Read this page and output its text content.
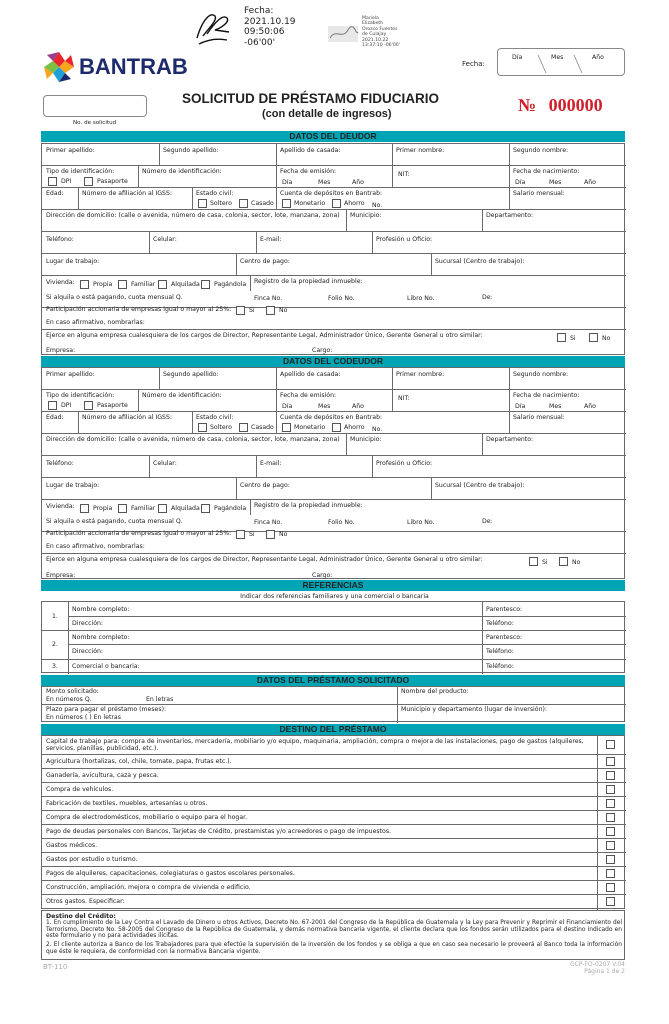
Fecha:
2021.10.19
09:50:06
-06'00'
Mariela
Elizabeth
Orozco Fuentes
de Culajay
2021.10.22
13:37:10 -06'00'
BANTRAB	Fecha:
Día	Mes	Año
No. de solicitud
SOLICITUD DE PRÉSTAMO FIDUCIARIO
(con detalle de ingresos)	№ 000000
DATOS DEL DEUDOR
Primer apellido:	Segundo apellido:	Apellido de casada:	Primer nombre:	Segundo nombre:
Tipo de identificación:
DPI	Pasaporte
Número de identificación:	Fecha de emisión:
Día	Mes	Año
NIT:	Fecha de nacimiento:
Día	Mes	Año
Edad:	Número de afiliación al IGSS:	Estado civil:
Soltero	Casado
Cuenta de depósitos en Bantrab:
Monetario	Ahorro No.
Salario mensual:
Dirección de domicilio: (calle o avenida, número de casa, colonia, sector, lote, manzana, zona) Municipio:	Departamento:
Teléfono:	Celular:	E-mail:	Profesión u Oficio:
Lugar de trabajo:	Centro de pago:	Sucursal (Centro de trabajo):
Vivienda:	Propia	Familiar	Alquilada Pagándola Registro de la propiedad inmueble:
Si alquila o está pagando, cuota mensual Q.	Finca No.	Folio No.	Libro No.	De:
Participación accionaria de empresas igual o mayor al 25%:	Si	No
En caso afirmativo, nombrarlas:
Ejerce en alguna empresa cualesquiera de los cargos de Director, Representante Legal, Administrador Único, Gerente General u otro similar:	Si	No
Empresa:	Cargo:
DATOS DEL CODEUDOR
Primer apellido:	Segundo apellido:	Apellido de casada:	Primer nombre:	Segundo nombre:
Tipo de identificación:
DPI	Pasaporte
Número de identificación:	Fecha de emisión:
Día	Mes	Año
NIT:	Fecha de nacimiento:
Día	Mes	Año
Edad:	Número de afiliación al IGSS:	Estado civil:
Soltero	Casado
Cuenta de depósitos en Bantrab:
Monetario	Ahorro No.
Salario mensual:
Dirección de domicilio: (calle o avenida, número de casa, colonia, sector, lote, manzana, zona) Municipio:	Departamento:
Teléfono:	Celular:	E-mail:	Profesión u Oficio:
Lugar de trabajo:	Centro de pago:	Sucursal (Centro de trabajo):
Vivienda:	Propia	Familiar	Alquilada Pagándola Registro de la propiedad inmueble:
Si alquila o está pagando, cuota mensual Q.	Finca No.	Folio No.	Libro No.	De:
Participación accionaria de empresas igual o mayor al 25%:	Si	No
En caso afirmativo, nombrarlas:
Ejerce en alguna empresa cualesquiera de los cargos de Director, Representante Legal, Administrador Único, Gerente General u otro similar:	Si	No
Empresa:	Cargo:
REFERENCIAS
Indicar dos referencias familiares y una comercial o bancaria
1.
Nombre completo:	Parentesco:
Dirección:	Teléfono:
2.
Nombre completo:	Parentesco:
Dirección:	Teléfono:
3. Comercial o bancaria:	Teléfono:
DATOS DEL PRÉSTAMO SOLICITADO
Monto solicitado:
En números Q.	En letras
Nombre del producto:
Plazo para pagar el préstamo (meses):
En números ( ) En letras
Municipio y departamento (lugar de inversión):
DESTINO DEL PRÉSTAMO
Capital de trabajo para: compra de inventarios, mercadería, mobiliario y/o equipo, maquinaria, ampliación, compra o mejora de las instalaciones, pago de gastos (alquileres, servicios, planillas, publicidad, etc.).
Agricultura (hortalizas, col, chile, tomate, papa, frutas etc.).
Ganadería, avicultura, caza y pesca.
Compra de vehículos.
Fabricación de textiles, muebles, artesanías u otros.
Compra de electrodomésticos, mobiliario o equipo para el hogar.
Pago de deudas personales con Bancos, Tarjetas de Crédito, prestamistas y/o acreedores o pago de impuestos.
Gastos médicos.
Gastos por estudio o turismo.
Pagos de alquileres, capacitaciones, colegiaturas o gastos escolares personales.
Construcción, ampliación, mejora o compra de vivienda o edificio.
Otros gastos. Especificar:
Destino del Crédito:
1. En cumplimiento de la Ley Contra el Lavado de Dinero u otros Activos, Decreto No. 67-2001 del Congreso de la República de Guatemala y la Ley para Prevenir y Reprimir el Financiamiento del Terrorismo, Decreto No. 58-2005 del Congreso de la República de Guatemala, y demás normativa bancaria vigente, el cliente declara que los fondos serán utilizados para el destino indicado en este formulario y no para actividades ilícitas.
2. El cliente autoriza a Banco de los Trabajadores para que efectúe la supervisión de la inversión de los fondos y se obliga a que en caso sea necesario le proveerá al Banco toda la información que éste le requiera, de conformidad con la normativa Bancaria vigente.
BT-110	GCP-FO-0207 V.04
Página 1 de 2
